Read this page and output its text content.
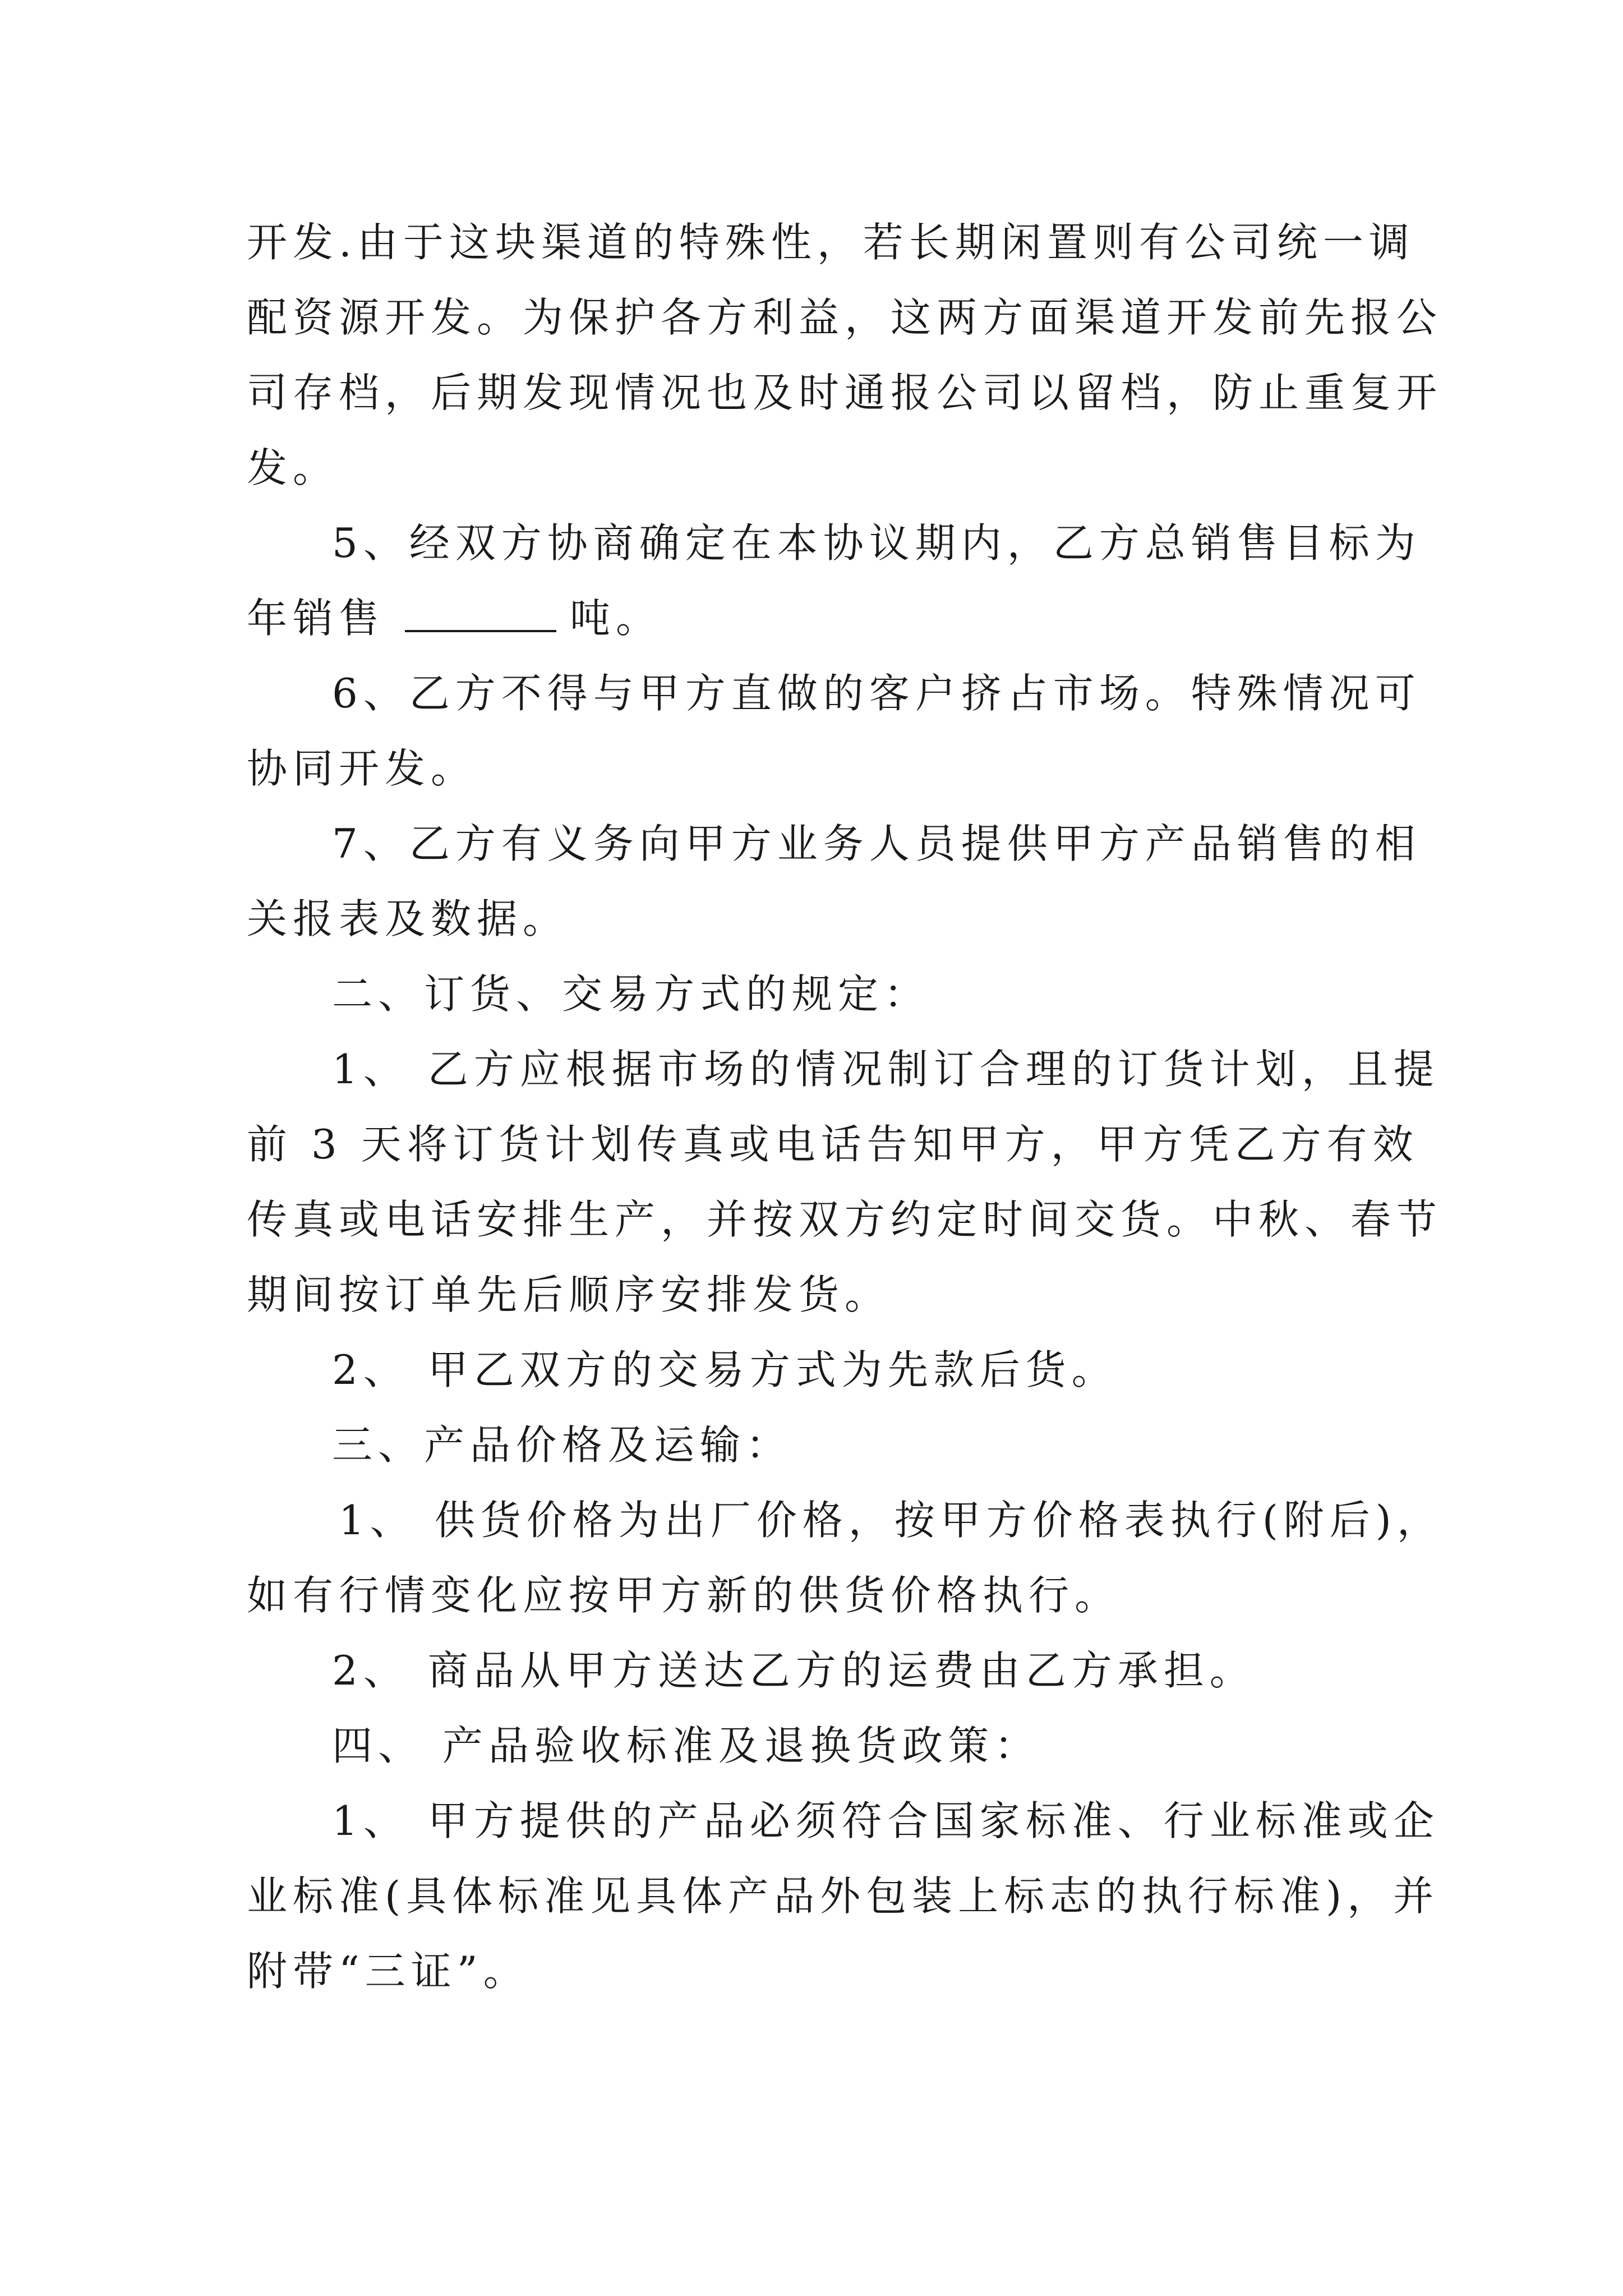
开发.由于这块渠道的特殊性，若长期闲置则有公司统一调
配资源开发。为保护各方利益，这两方面渠道开发前先报公
司存档，后期发现情况也及时通报公司以留档，防止重复开
发。
5、经双方协商确定在本协议期内，乙方总销售目标为
年销售	吨。
6、乙方不得与甲方直做的客户挤占市场。特殊情况可
协同开发。
7、乙方有义务向甲方业务人员提供甲方产品销售的相
关报表及数据。
二、订货、交易方式的规定：
1、 乙方应根据市场的情况制订合理的订货计划，且提
前 3 天将订货计划传真或电话告知甲方，甲方凭乙方有效
传真或电话安排生产，并按双方约定时间交货。中秋、春节
期间按订单先后顺序安排发货。
2、 甲乙双方的交易方式为先款后货。
三、产品价格及运输：
1、 供货价格为出厂价格，按甲方价格表执行(附后)，
如有行情变化应按甲方新的供货价格执行。
2、 商品从甲方送达乙方的运费由乙方承担。
四、 产品验收标准及退换货政策：
1、 甲方提供的产品必须符合国家标准、行业标准或企
业标准(具体标准见具体产品外包装上标志的执行标准)，并
附带“三证”。
